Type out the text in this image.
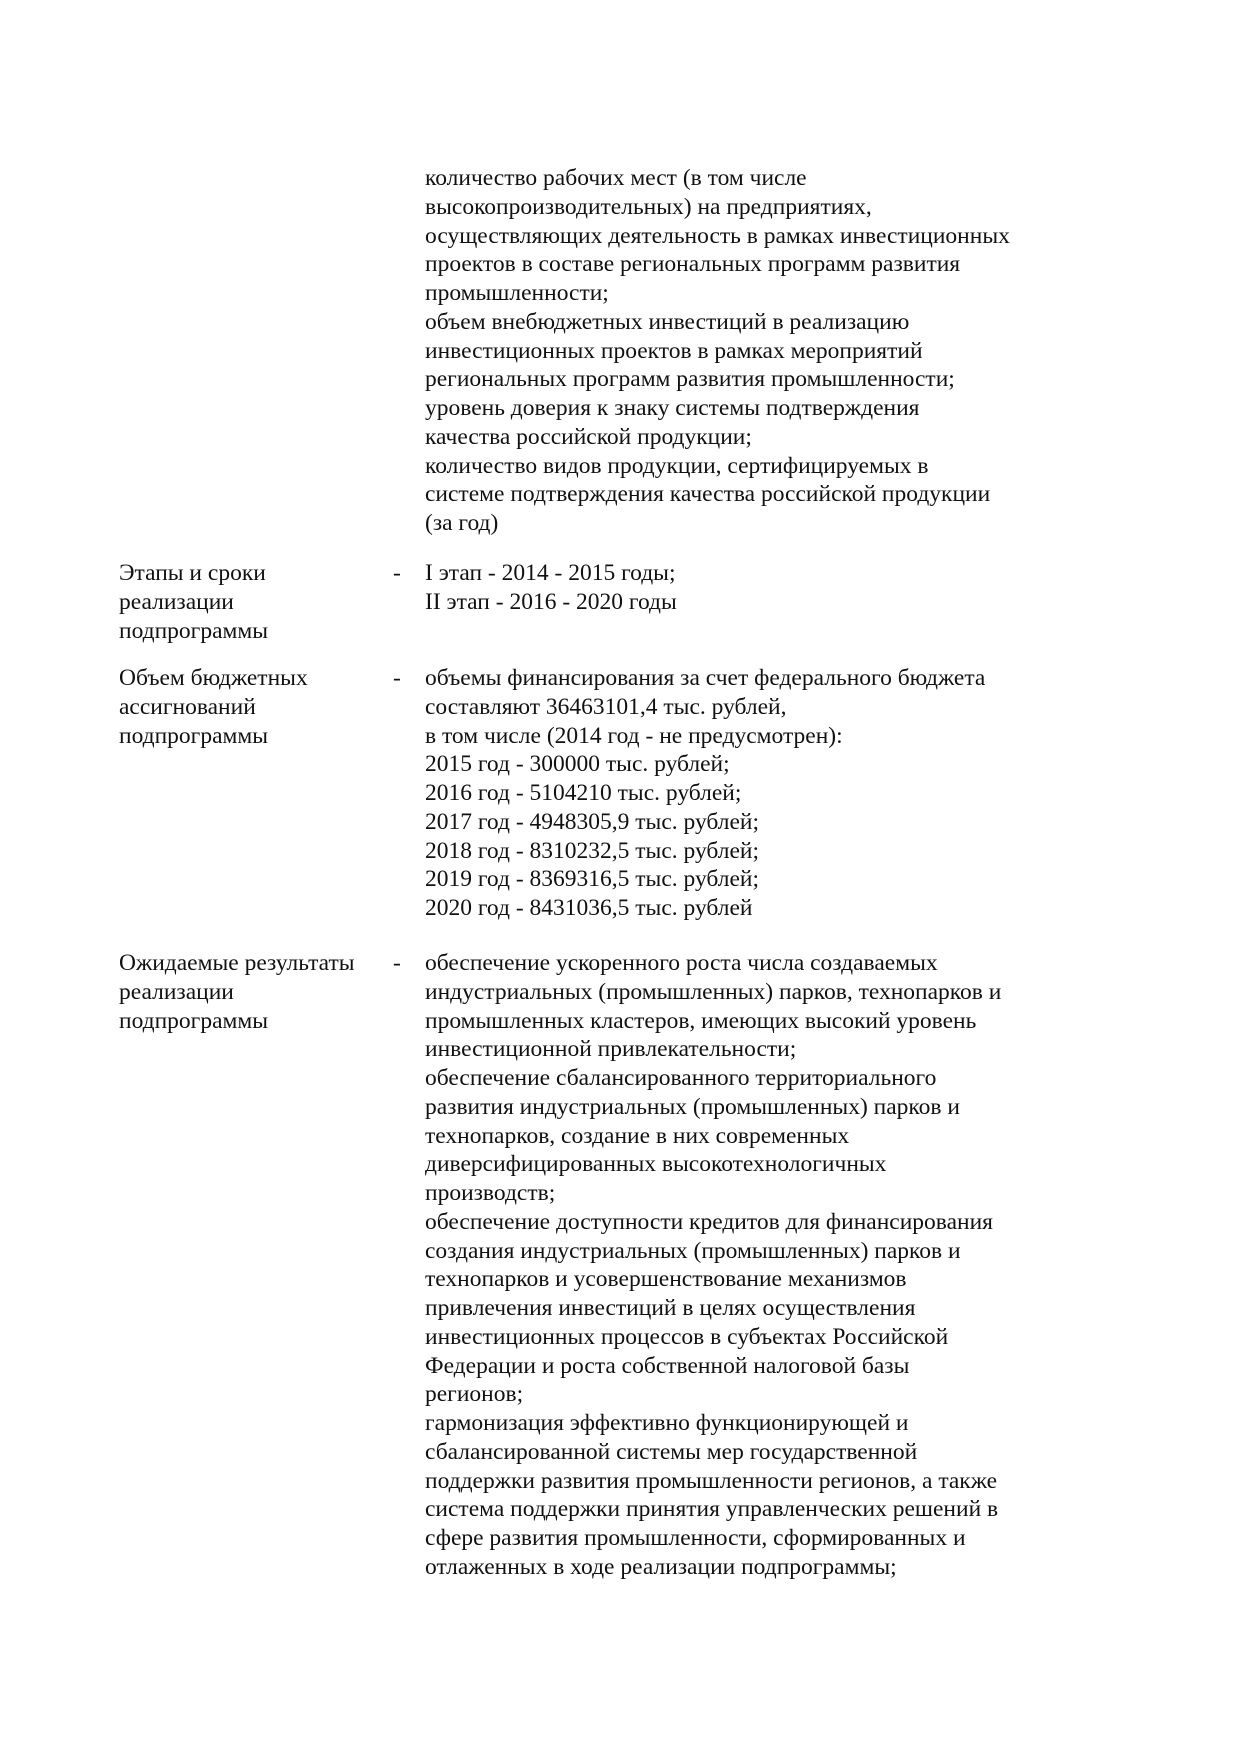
количество рабочих мест (в том числе
высокопроизводительных) на предприятиях,
осуществляющих деятельность в рамках инвестиционных
проектов в составе региональных программ развития
промышленности;
объем внебюджетных инвестиций в реализацию
инвестиционных проектов в рамках мероприятий
региональных программ развития промышленности;
уровень доверия к знаку системы подтверждения
качества российской продукции;
количество видов продукции, сертифицируемых в
системе подтверждения качества российской продукции
(за год)
Этапы и сроки
реализации
подпрограммы
- I этап - 2014 - 2015 годы;
II этап - 2016 - 2020 годы
Объем бюджетных
ассигнований
подпрограммы
- объемы финансирования за счет федерального бюджета
составляют 36463101,4 тыс. рублей,
в том числе (2014 год - не предусмотрен):
2015 год - 300000 тыс. рублей;
2016 год - 5104210 тыс. рублей;
2017 год - 4948305,9 тыс. рублей;
2018 год - 8310232,5 тыс. рублей;
2019 год - 8369316,5 тыс. рублей;
2020 год - 8431036,5 тыс. рублей
Ожидаемые результаты
реализации
подпрограммы
- обеспечение ускоренного роста числа создаваемых
индустриальных (промышленных) парков, технопарков и
промышленных кластеров, имеющих высокий уровень
инвестиционной привлекательности;
обеспечение сбалансированного территориального
развития индустриальных (промышленных) парков и
технопарков, создание в них современных
диверсифицированных высокотехнологичных
производств;
обеспечение доступности кредитов для финансирования
создания индустриальных (промышленных) парков и
технопарков и усовершенствование механизмов
привлечения инвестиций в целях осуществления
инвестиционных процессов в субъектах Российской
Федерации и роста собственной налоговой базы
регионов;
гармонизация эффективно функционирующей и
сбалансированной системы мер государственной
поддержки развития промышленности регионов, а также
система поддержки принятия управленческих решений в
сфере развития промышленности, сформированных и
отлаженных в ходе реализации подпрограммы;
